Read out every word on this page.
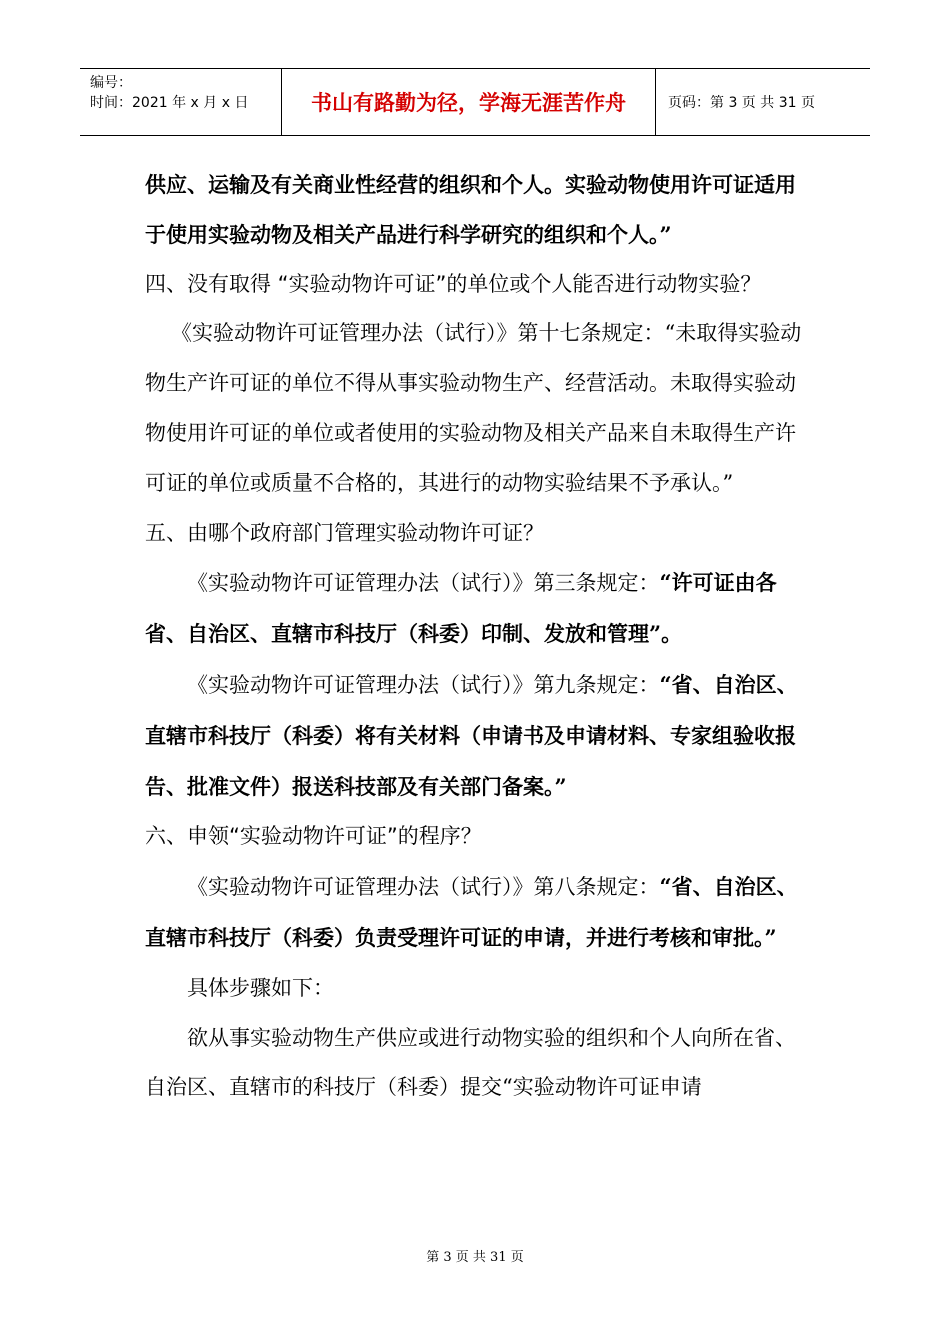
编号：
时间：2021 年 x 月 x 日	书山有路勤为径，学海无涯苦作舟	页码：第 3 页 共 31 页

供应、运输及有关商业性经营的组织和个人。实验动物使用许可证适用于使用实验动物及相关产品进行科学研究的组织和个人。”

四、没有取得 “实验动物许可证”的单位或个人能否进行动物实验？

《实验动物许可证管理办法（试行）》第十七条规定：“未取得实验动物生产许可证的单位不得从事实验动物生产、经营活动。未取得实验动物使用许可证的单位或者使用的实验动物及相关产品来自未取得生产许可证的单位或质量不合格的，其进行的动物实验结果不予承认。”

五、由哪个政府部门管理实验动物许可证？

《实验动物许可证管理办法（试行）》第三条规定：“许可证由各省、自治区、直辖市科技厅（科委）印制、发放和管理”。

《实验动物许可证管理办法（试行）》第九条规定：“省、自治区、直辖市科技厅（科委）将有关材料（申请书及申请材料、专家组验收报告、批准文件）报送科技部及有关部门备案。”

六、申领“实验动物许可证”的程序？

《实验动物许可证管理办法（试行）》第八条规定：“省、自治区、直辖市科技厅（科委）负责受理许可证的申请，并进行考核和审批。”

具体步骤如下：

欲从事实验动物生产供应或进行动物实验的组织和个人向所在省、自治区、直辖市的科技厅（科委）提交“实验动物许可证申请

第 3 页 共 31 页
